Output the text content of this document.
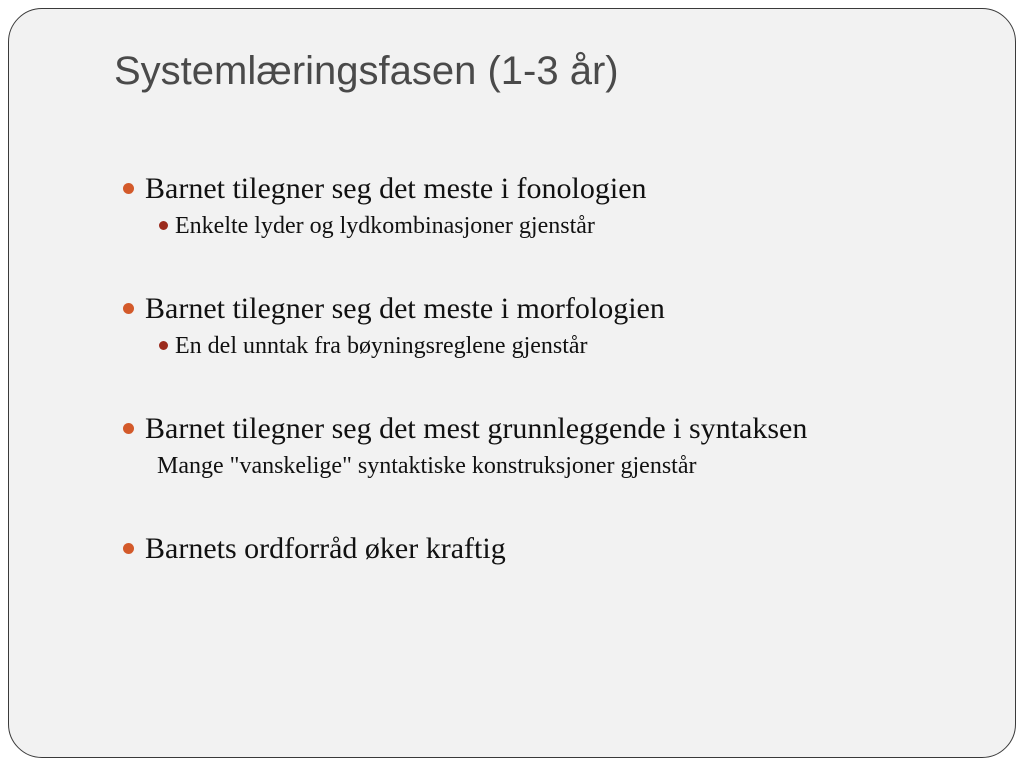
Systemlæringsfasen (1-3 år)
Barnet tilegner seg det meste i fonologien
Enkelte lyder og lydkombinasjoner gjenstår
Barnet tilegner seg det meste i morfologien
En del unntak fra bøyningsreglene gjenstår
Barnet tilegner seg det mest grunnleggende i syntaksen
Mange "vanskelige" syntaktiske konstruksjoner gjenstår
Barnets ordforråd øker kraftig
